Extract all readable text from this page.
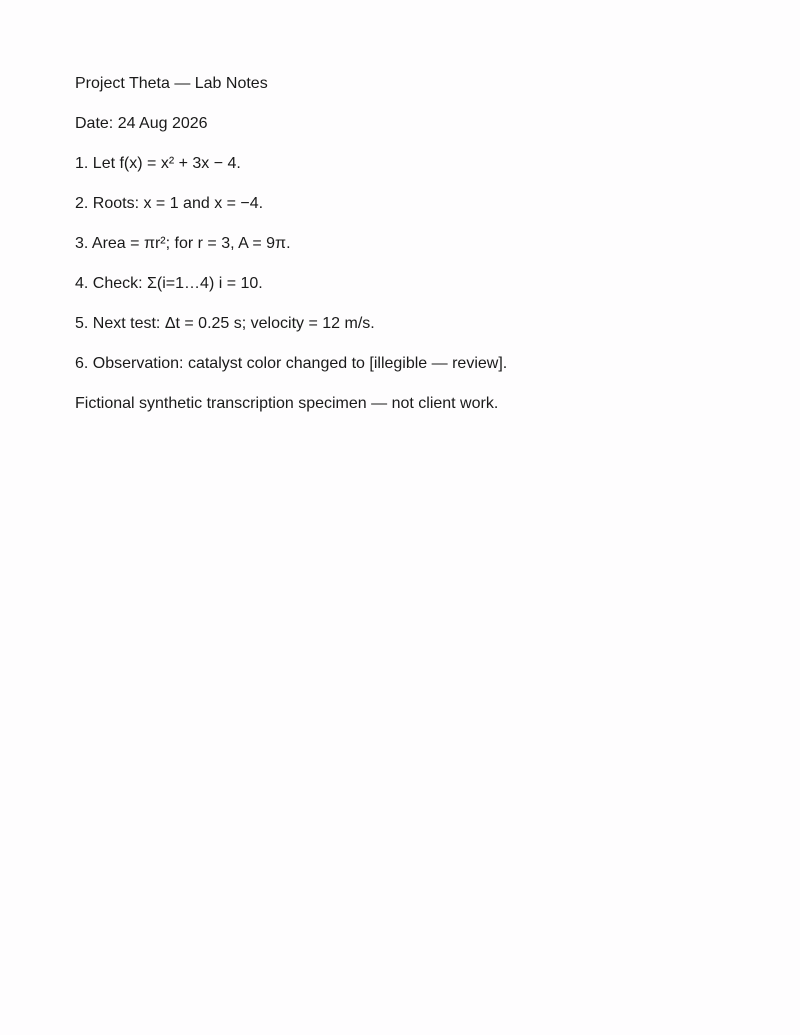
Project Theta — Lab Notes
Date: 24 Aug 2026
1. Let f(x) = x² + 3x − 4.
2. Roots: x = 1 and x = −4.
3. Area = πr²; for r = 3, A = 9π.
4. Check: Σ(i=1…4) i = 10.
5. Next test: Δt = 0.25 s; velocity = 12 m/s.
6. Observation: catalyst color changed to [illegible — review].
Fictional synthetic transcription specimen — not client work.
